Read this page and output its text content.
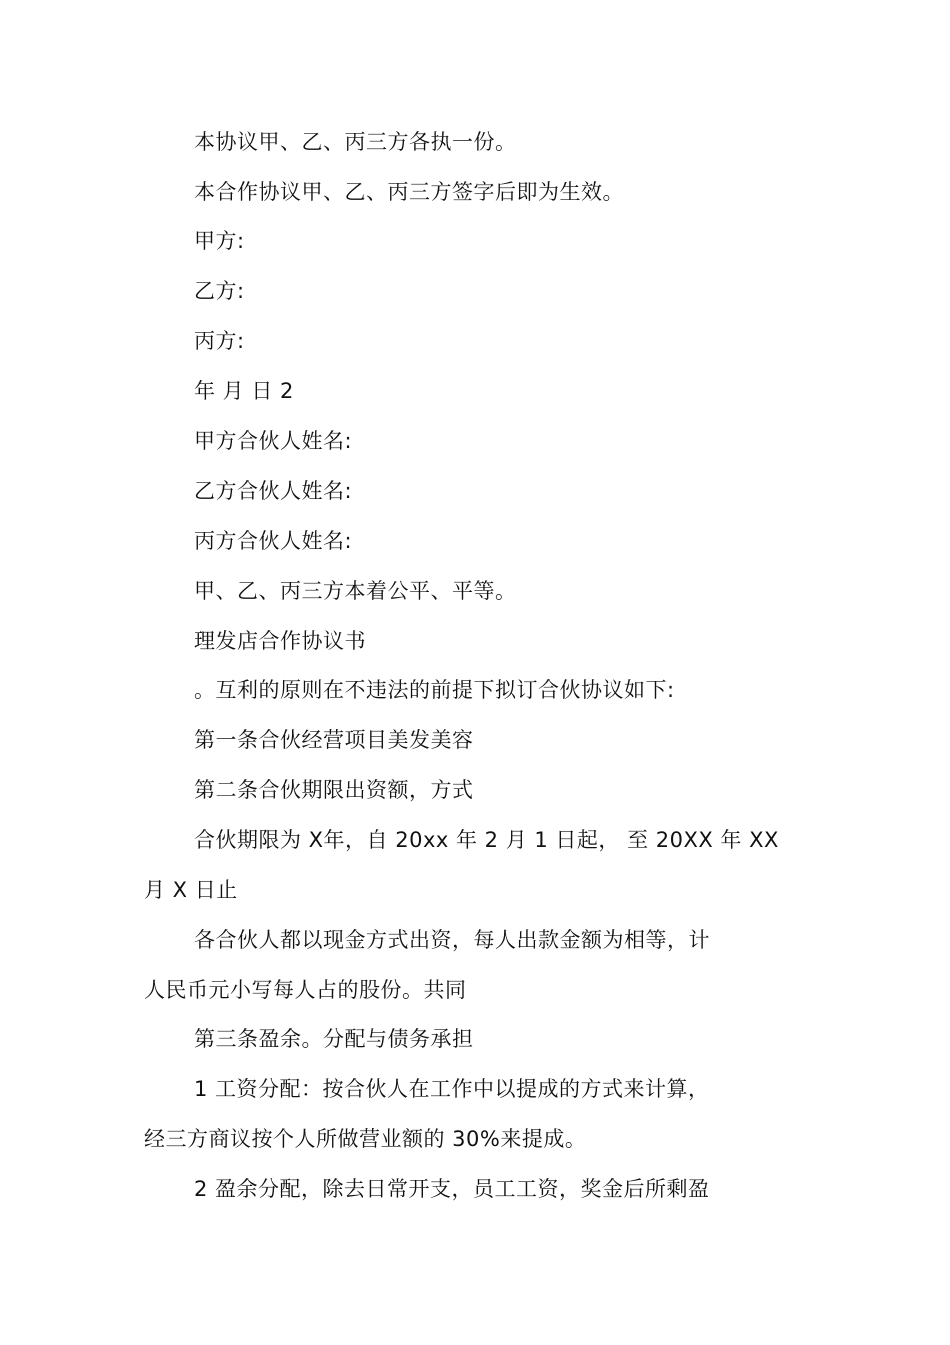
本协议甲、乙、丙三方各执一份。
本合作协议甲、乙、丙三方签字后即为生效。
甲方:
乙方:
丙方:
年 月 日 2
甲方合伙人姓名:
乙方合伙人姓名:
丙方合伙人姓名:
甲、乙、丙三方本着公平、平等。
理发店合作协议书
。互利的原则在不违法的前提下拟订合伙协议如下:
第一条合伙经营项目美发美容
第二条合伙期限出资额，方式
合伙期限为 X年，自 20xx 年 2 月 1 日起， 至 20XX 年 XX
月 X 日止
各合伙人都以现金方式出资，每人出款金额为相等，计
人民币元小写每人占的股份。共同
第三条盈余。分配与债务承担
1 工资分配：按合伙人在工作中以提成的方式来计算，
经三方商议按个人所做营业额的 30%来提成。
2 盈余分配，除去日常开支，员工工资，奖金后所剩盈
